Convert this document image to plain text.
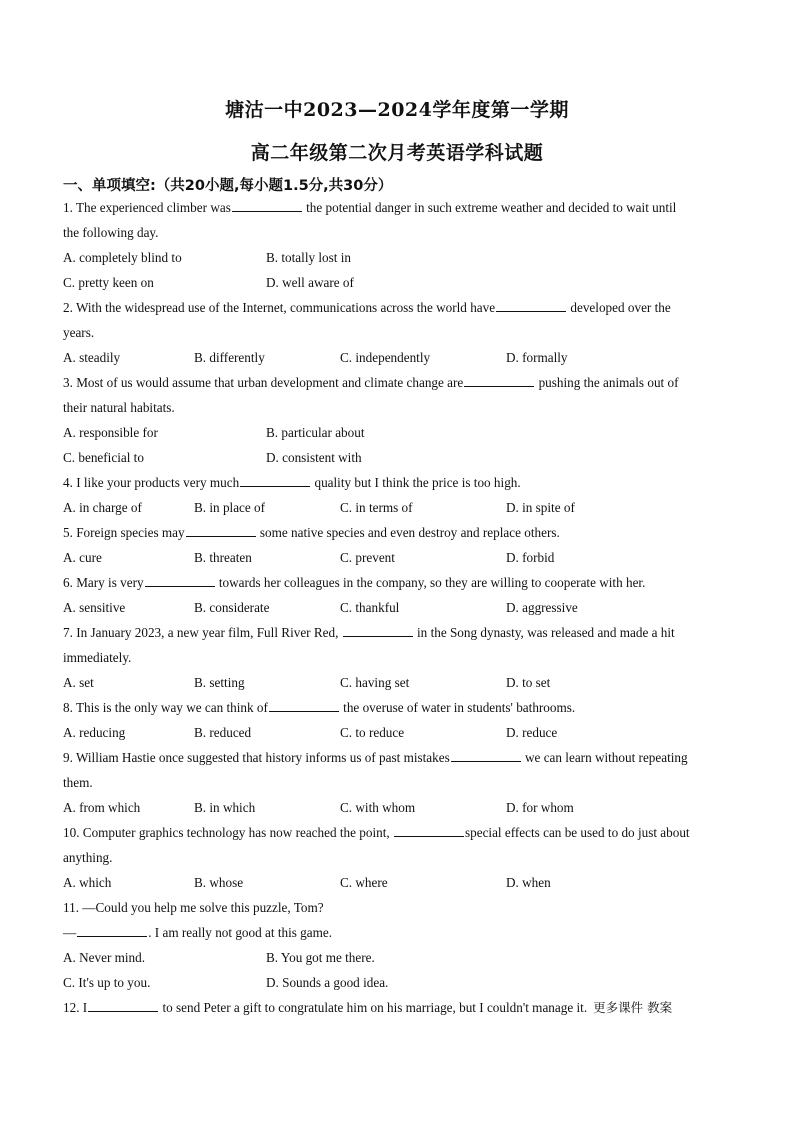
塘沽一中2023—2024学年度第一学期
高二年级第二次月考英语学科试题
一、单项填空:（共20小题,每小题1.5分,共30分）
1. The experienced climber was	the potential danger in such extreme weather and decided to wait until
the following day.
A. completely blind to	B. totally lost in
C. pretty keen on	D. well aware of
2. With the widespread use of the Internet, communications across the world have	developed over the
years.
A. steadily	B. differently	C. independently	D. formally
3. Most of us would assume that urban development and climate change are	pushing the animals out of
their natural habitats.
A. responsible for	B. particular about
C. beneficial to	D. consistent with
4. I like your products very much	quality but I think the price is too high.
A. in charge of	B. in place of	C. in terms of	D. in spite of
5. Foreign species may	some native species and even destroy and replace others.
A. cure	B. threaten	C. prevent	D. forbid
6. Mary is very	towards her colleagues in the company, so they are willing to cooperate with her.
A. sensitive	B. considerate	C. thankful	D. aggressive
7. In January 2023, a new year film, Full River Red,	in the Song dynasty, was released and made a hit
immediately.
A. set	B. setting	C. having set	D. to set
8. This is the only way we can think of	the overuse of water in students' bathrooms.
A. reducing	B. reduced	C. to reduce	D. reduce
9. William Hastie once suggested that history informs us of past mistakes	we can learn without repeating
them.
A. from which	B. in which	C. with whom	D. for whom
10. Computer graphics technology has now reached the point,	special effects can be used to do just about
anything.
A. which	B. whose	C. where	D. when
11. —Could you help me solve this puzzle, Tom?
—	. I am really not good at this game.
A. Never mind.	B. You got me there.
C. It's up to you.	D. Sounds a good idea.
12. I	to send Peter a gift to congratulate him on his marriage, but I couldn't manage it. 更多课件 教案
